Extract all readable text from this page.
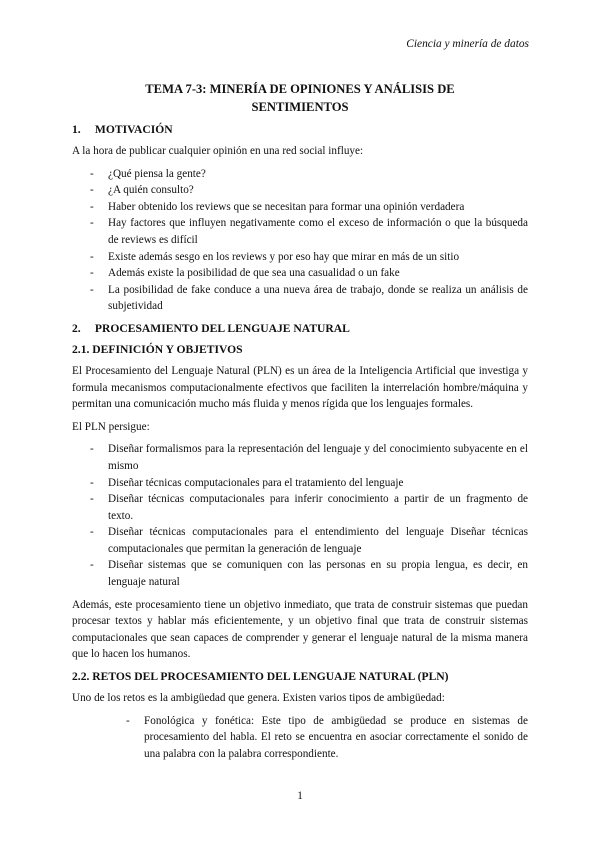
Ciencia y minería de datos
TEMA 7-3: MINERÍA DE OPINIONES Y ANÁLISIS DE SENTIMIENTOS
1. MOTIVACIÓN

A la hora de publicar cualquier opinión en una red social influye:

- ¿Qué piensa la gente?
- ¿A quién consulto?
- Haber obtenido los reviews que se necesitan para formar una opinión verdadera
- Hay factores que influyen negativamente como el exceso de información o que la búsqueda de reviews es difícil
- Existe además sesgo en los reviews y por eso hay que mirar en más de un sitio
- Además existe la posibilidad de que sea una casualidad o un fake
- La posibilidad de fake conduce a una nueva área de trabajo, donde se realiza un análisis de subjetividad
2. PROCESAMIENTO DEL LENGUAJE NATURAL
2.1. DEFINICIÓN Y OBJETIVOS

El Procesamiento del Lenguaje Natural (PLN) es un área de la Inteligencia Artificial que investiga y formula mecanismos computacionalmente efectivos que faciliten la interrelación hombre/máquina y permitan una comunicación mucho más fluida y menos rígida que los lenguajes formales.

El PLN persigue:

- Diseñar formalismos para la representación del lenguaje y del conocimiento subyacente en el mismo
- Diseñar técnicas computacionales para el tratamiento del lenguaje
- Diseñar técnicas computacionales para inferir conocimiento a partir de un fragmento de texto.
- Diseñar técnicas computacionales para el entendimiento del lenguaje Diseñar técnicas computacionales que permitan la generación de lenguaje
- Diseñar sistemas que se comuniquen con las personas en su propia lengua, es decir, en lenguaje natural

Además, este procesamiento tiene un objetivo inmediato, que trata de construir sistemas que puedan procesar textos y hablar más eficientemente, y un objetivo final que trata de construir sistemas computacionales que sean capaces de comprender y generar el lenguaje natural de la misma manera que lo hacen los humanos.

2.2. RETOS DEL PROCESAMIENTO DEL LENGUAJE NATURAL (PLN)

Uno de los retos es la ambigüedad que genera. Existen varios tipos de ambigüedad:

- Fonológica y fonética: Este tipo de ambigüedad se produce en sistemas de procesamiento del habla. El reto se encuentra en asociar correctamente el sonido de una palabra con la palabra correspondiente.
1
